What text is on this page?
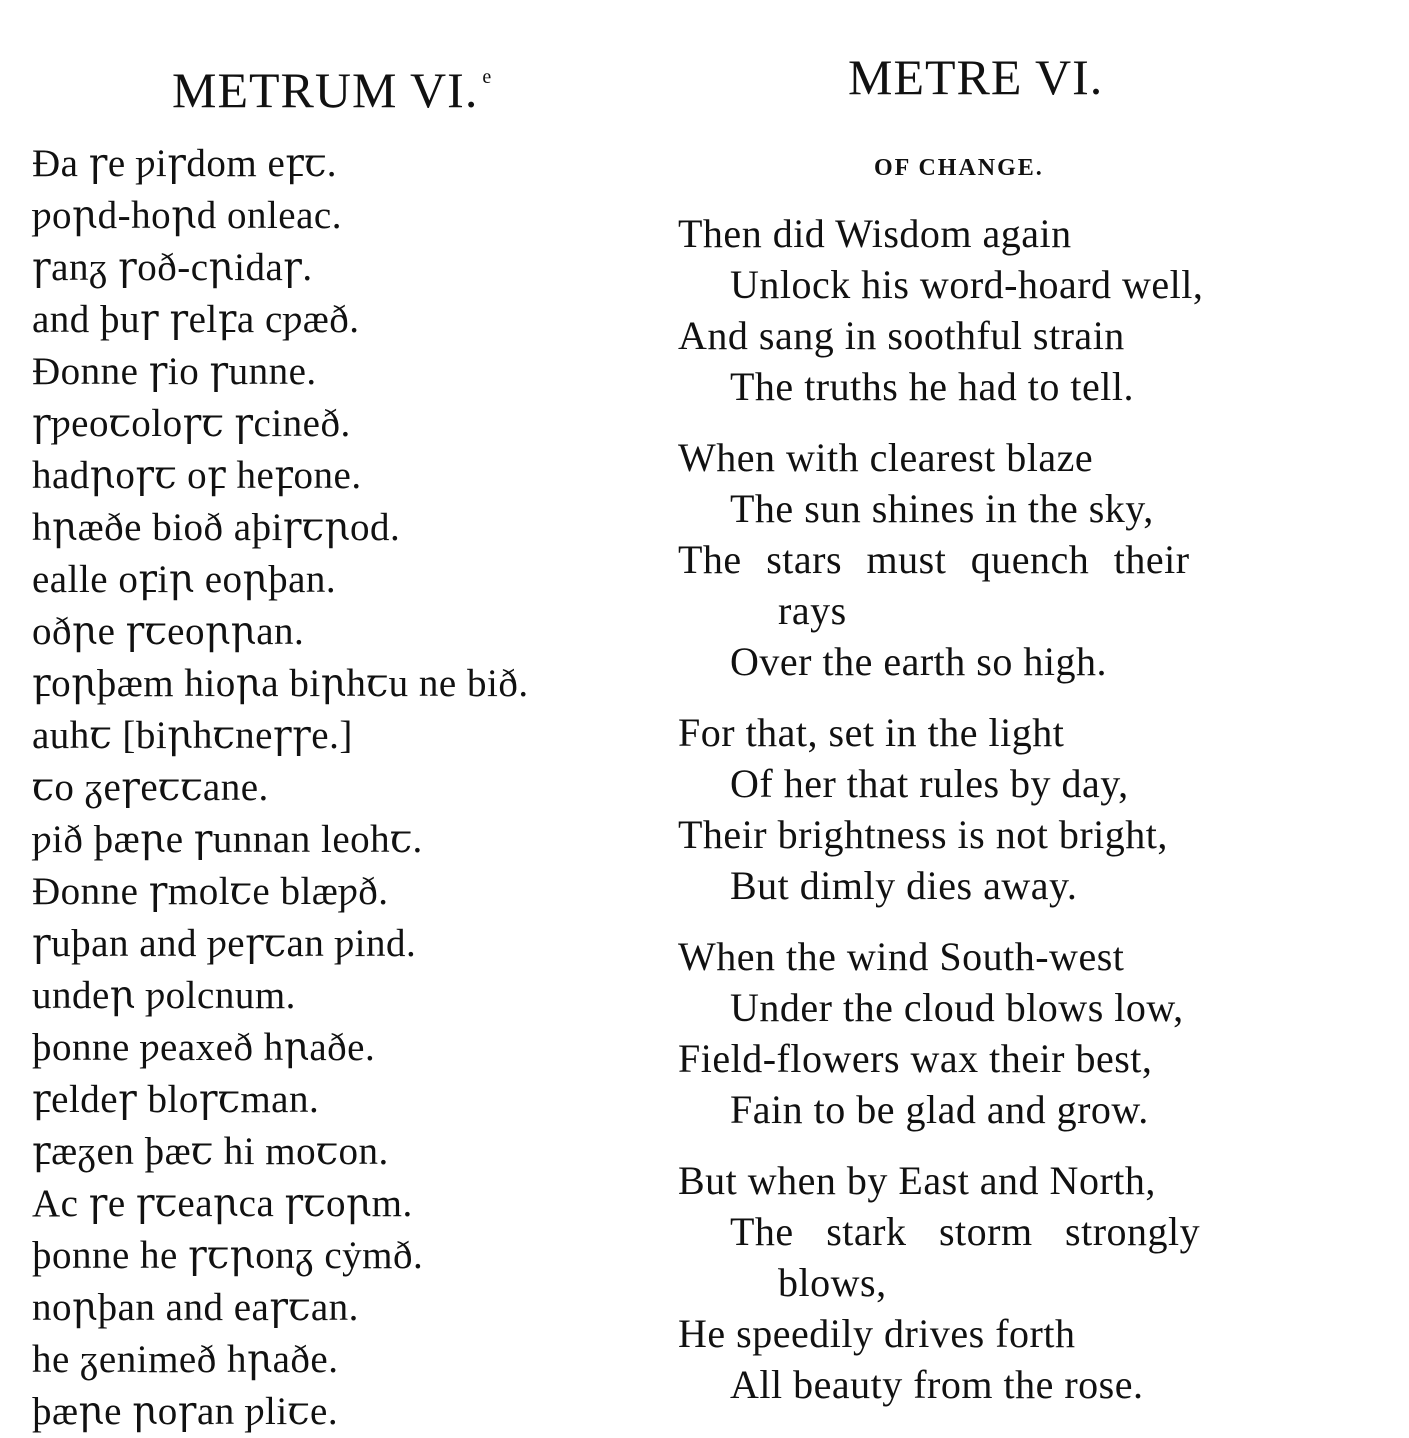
METRUM VI. $^e$
Đa ꞅe ƿiꞅdom eꝼꞇ.
ƿoꞃd-hoꞃd onleac.
ꞅanᵹ ꞅoð-cꞃidaꞅ.
and þuꞅ ꞅelꝼa cƿæð.
Đonne ꞅio ꞅunne.
ꞅƿeoꞇoloꞅꞇ ꞅcineð.
hadꞃoꞅꞇ oꝼ heꝼone.
hꞃæðe bioð aþiꞅꞇꞃod.
ealle oꝼiꞃ eoꞃþan.
oðꞃe ꞅꞇeoꞃꞃan.
ꝼoꞃþæm hioꞃa biꞃhꞇu ne bið.
auhꞇ [biꞃhꞇneꞅꞅe.]
ꞇo ᵹeꞅeꞇꞇane.
ƿið þæꞃe ꞅunnan leohꞇ.
Đonne ꞅmolꞇe blæƿð.
ꞅuþan and ƿeꞅꞇan ƿind.
undeꞃ ƿolcnum.
þonne ƿeaxeð hꞃaðe.
ꝼeldeꞅ bloꞅꞇman.
ꝼæᵹen þæꞇ hi moꞇon.
Ac ꞅe ꞅꞇeaꞃca ꞅꞇoꞃm.
þonne he ꞅꞇꞃonᵹ cẏmð.
noꞃþan and eaꞅꞇan.
he ᵹenimeð hꞃaðe.
þæꞃe ꞃoꞅan ƿliꞇe.
METRE VI.
OF CHANGE.
Then did Wisdom again
Unlock his word-hoard well,
And sang in soothful strain
The truths he had to tell.
When with clearest blaze
The sun shines in the sky,
The stars must quench their
rays
Over the earth so high.
For that, set in the light
Of her that rules by day,
Their brightness is not bright,
But dimly dies away.
When the wind South-west
Under the cloud blows low,
Field-flowers wax their best,
Fain to be glad and grow.
But when by East and North,
The stark storm strongly
blows,
He speedily drives forth
All beauty from the rose.
